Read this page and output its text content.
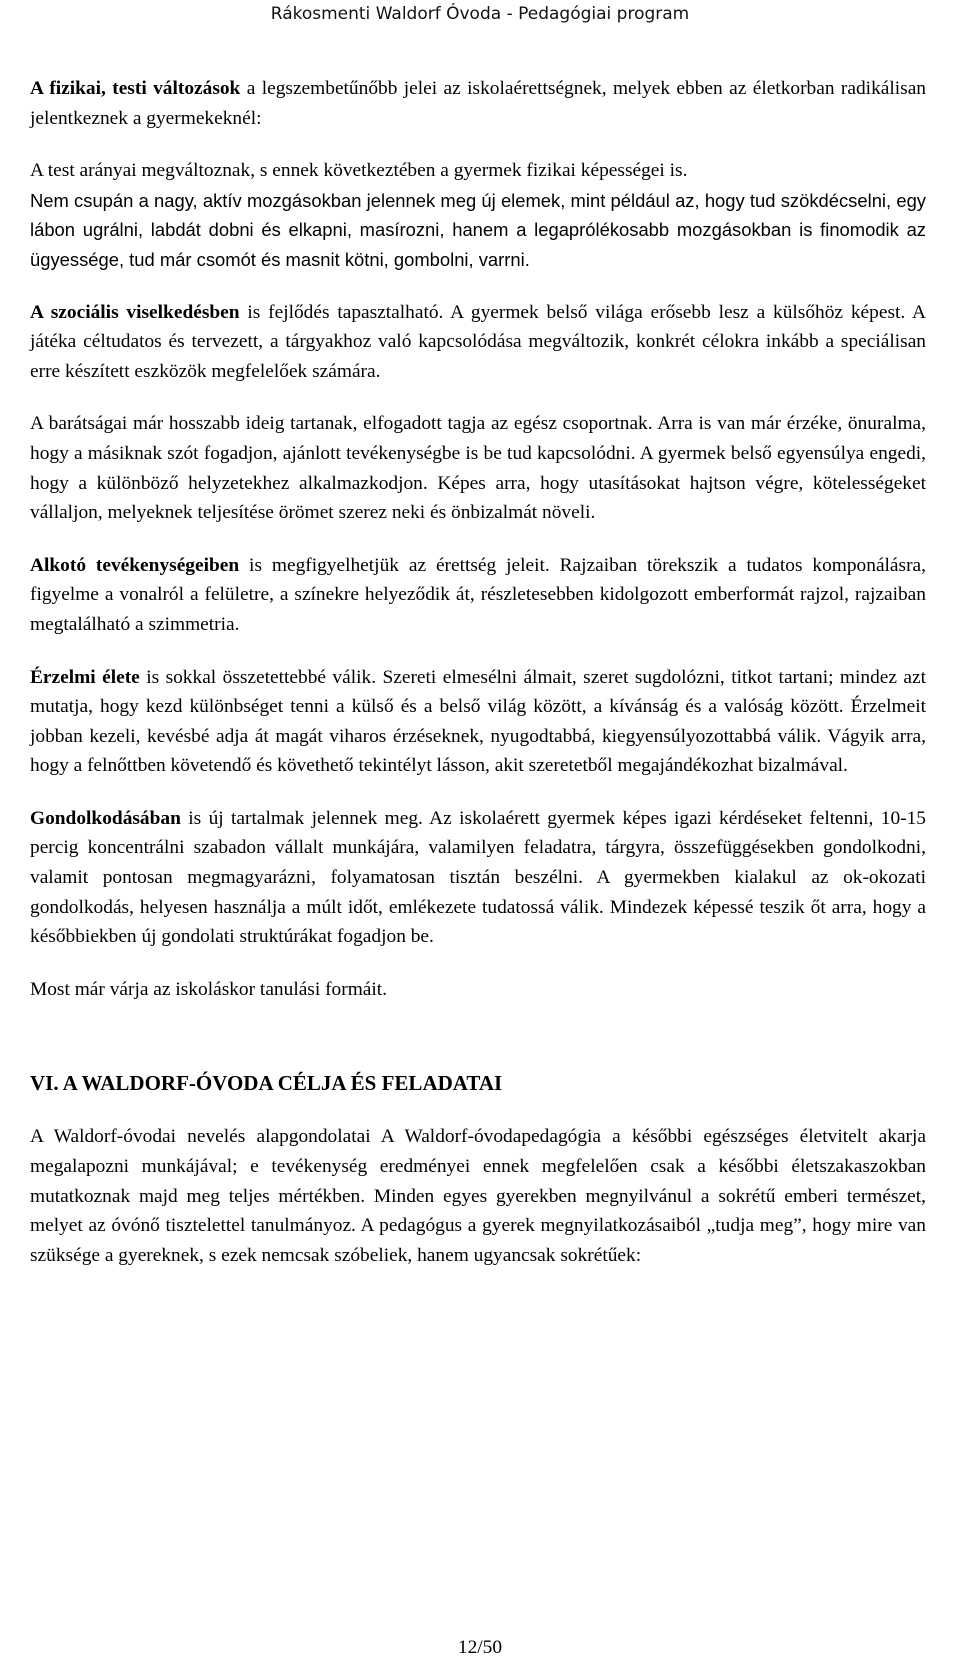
Rákosmenti Waldorf Óvoda - Pedagógiai program

A fizikai, testi változások a legszembetűnőbb jelei az iskolaérettségnek, melyek ebben az életkorban radikálisan jelentkeznek a gyermekeknél:

A test arányai megváltoznak, s ennek következtében a gyermek fizikai képességei is.

Nem csupán a nagy, aktív mozgásokban jelennek meg új elemek, mint például az, hogy tud szökdécselni, egy lábon ugrálni, labdát dobni és elkapni, masírozni, hanem a legaprólékosabb mozgásokban is finomodik az ügyessége, tud már csomót és masnit kötni, gombolni, varrni.

A szociális viselkedésben is fejlődés tapasztalható. A gyermek belső világa erősebb lesz a külsőhöz képest. A játéka céltudatos és tervezett, a tárgyakhoz való kapcsolódása megváltozik, konkrét célokra inkább a speciálisan erre készített eszközök megfelelőek számára.

A barátságai már hosszabb ideig tartanak, elfogadott tagja az egész csoportnak. Arra is van már érzéke, önuralma, hogy a másiknak szót fogadjon, ajánlott tevékenységbe is be tud kapcsolódni. A gyermek belső egyensúlya engedi, hogy a különböző helyzetekhez alkalmazkodjon. Képes arra, hogy utasításokat hajtson végre, kötelességeket vállaljon, melyeknek teljesítése örömet szerez neki és önbizalmát növeli.

Alkotó tevékenységeiben is megfigyelhetjük az érettség jeleit. Rajzaiban törekszik a tudatos komponálásra, figyelme a vonalról a felületre, a színekre helyeződik át, részletesebben kidolgozott emberformát rajzol, rajzaiban megtalálható a szimmetria.

Érzelmi élete is sokkal összetettebbé válik. Szereti elmesélni álmait, szeret sugdolózni, titkot tartani; mindez azt mutatja, hogy kezd különbséget tenni a külső és a belső világ között, a kívánság és a valóság között. Érzelmeit jobban kezeli, kevésbé adja át magát viharos érzéseknek, nyugodtabbá, kiegyensúlyozottabbá válik. Vágyik arra, hogy a felnőttben követendő és követhető tekintélyt lásson, akit szeretetből megajándékozhat bizalmával.

Gondolkodásában is új tartalmak jelennek meg. Az iskolaérett gyermek képes igazi kérdéseket feltenni, 10-15 percig koncentrálni szabadon vállalt munkájára, valamilyen feladatra, tárgyra, összefüggésekben gondolkodni, valamit pontosan megmagyarázni, folyamatosan tisztán beszélni. A gyermekben kialakul az ok-okozati gondolkodás, helyesen használja a múlt időt, emlékezete tudatossá válik. Mindezek képessé teszik őt arra, hogy a későbbiekben új gondolati struktúrákat fogadjon be.

Most már várja az iskoláskor tanulási formáit.

VI. A WALDORF-ÓVODA CÉLJA ÉS FELADATAI

A Waldorf-óvodai nevelés alapgondolatai A Waldorf-óvodapedagógia a későbbi egészséges életvitelt akarja megalapozni munkájával; e tevékenység eredményei ennek megfelelően csak a későbbi életszakaszokban mutatkoznak majd meg teljes mértékben. Minden egyes gyerekben megnyilvánul a sokrétű emberi természet, melyet az óvónő tisztelettel tanulmányoz. A pedagógus a gyerek megnyilatkozásaiból „tudja meg”, hogy mire van szüksége a gyereknek, s ezek nemcsak szóbeliek, hanem ugyancsak sokrétűek:

12/50
